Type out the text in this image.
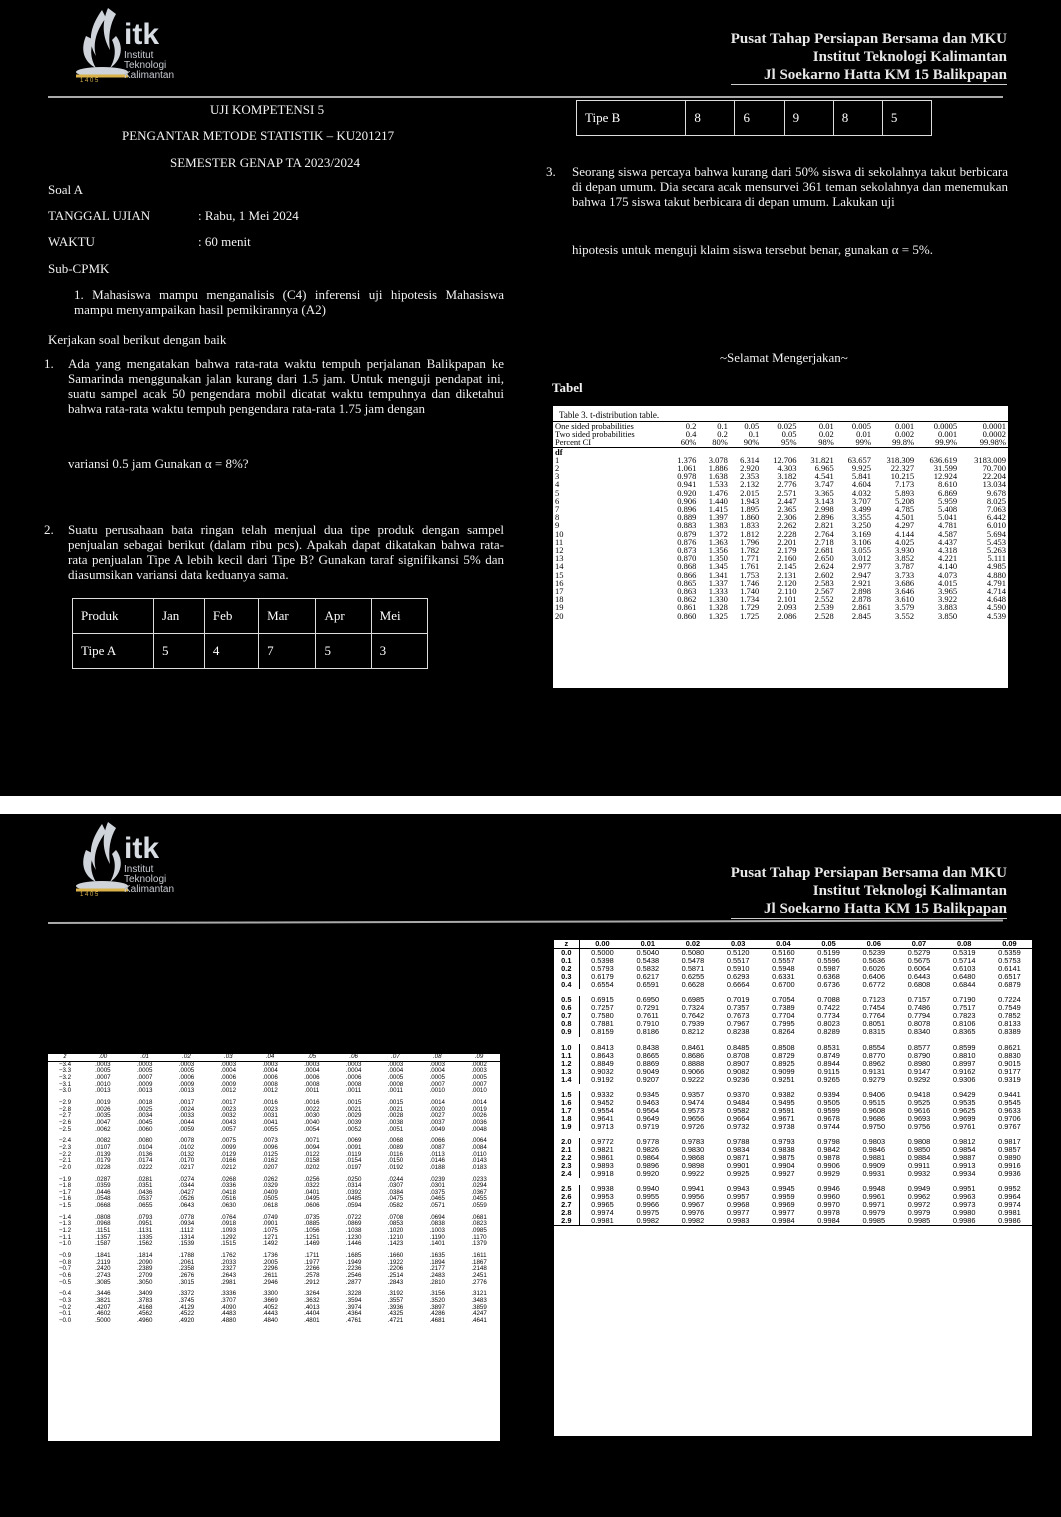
1 4 0 5
itk
Institut
Teknologi
Kalimantan
Pusat Tahap Persiapan Bersama dan MKU
Institut Teknologi Kalimantan
Jl Soekarno Hatta KM 15 Balikpapan
UJI KOMPETENSI 5
PENGANTAR METODE STATISTIK – KU201217
SEMESTER GENAP TA 2023/2024
Soal A
TANGGAL UJIAN	: Rabu, 1 Mei 2024
WAKTU	: 60 menit
Sub-CPMK
1. Mahasiswa mampu menganalisis (C4) inferensi uji hipotesis Mahasiswa mampu menyampaikan hasil pemikirannya (A2)
Kerjakan soal berikut dengan baik
1. Ada yang mengatakan bahwa rata-rata waktu tempuh perjalanan Balikpapan ke Samarinda menggunakan jalan kurang dari 1.5 jam. Untuk menguji pendapat ini, suatu sampel acak 50 pengendara mobil dicatat waktu tempuhnya dan diketahui bahwa rata-rata waktu tempuh pengendara rata-rata 1.75 jam dengan
variansi 0.5 jam Gunakan α = 8%?
2. Suatu perusahaan bata ringan telah menjual dua tipe produk dengan sampel penjualan sebagai berikut (dalam ribu pcs). Apakah dapat dikatakan bahwa rata-rata penjualan Tipe A lebih kecil dari Tipe B? Gunakan taraf signifikansi 5% dan diasumsikan variansi data keduanya sama.
Produk	Jan	Feb	Mar	Apr	Mei
Tipe A	5	4	7	5	3
Tipe B	8	6	9	8	5
3. Seorang siswa percaya bahwa kurang dari 50% siswa di sekolahnya takut berbicara di depan umum. Dia secara acak mensurvei 361 teman sekolahnya dan menemukan bahwa 175 siswa takut berbicara di depan umum. Lakukan uji
hipotesis untuk menguji klaim siswa tersebut benar, gunakan α = 5%.
~Selamat Mengerjakan~
Tabel
Table 3. t-distribution table.
One sided probabilities	0.2	0.1	0.05	0.025	0.01	0.005	0.001	0.0005	0.0001
Two sided probabilities	0.4	0.2	0.1	0.05	0.02	0.01	0.002	0.001	0.0002
Percent CI	60%	80%	90%	95%	98%	99%	99.8%	99.9%	99.98%
df									
1	1.376	3.078	6.314	12.706	31.821	63.657	318.309	636.619	3183.009
2	1.061	1.886	2.920	4.303	6.965	9.925	22.327	31.599	70.700
3	0.978	1.638	2.353	3.182	4.541	5.841	10.215	12.924	22.204
4	0.941	1.533	2.132	2.776	3.747	4.604	7.173	8.610	13.034
5	0.920	1.476	2.015	2.571	3.365	4.032	5.893	6.869	9.678
6	0.906	1.440	1.943	2.447	3.143	3.707	5.208	5.959	8.025
7	0.896	1.415	1.895	2.365	2.998	3.499	4.785	5.408	7.063
8	0.889	1.397	1.860	2.306	2.896	3.355	4.501	5.041	6.442
9	0.883	1.383	1.833	2.262	2.821	3.250	4.297	4.781	6.010
10	0.879	1.372	1.812	2.228	2.764	3.169	4.144	4.587	5.694
11	0.876	1.363	1.796	2.201	2.718	3.106	4.025	4.437	5.453
12	0.873	1.356	1.782	2.179	2.681	3.055	3.930	4.318	5.263
13	0.870	1.350	1.771	2.160	2.650	3.012	3.852	4.221	5.111
14	0.868	1.345	1.761	2.145	2.624	2.977	3.787	4.140	4.985
15	0.866	1.341	1.753	2.131	2.602	2.947	3.733	4.073	4.880
16	0.865	1.337	1.746	2.120	2.583	2.921	3.686	4.015	4.791
17	0.863	1.333	1.740	2.110	2.567	2.898	3.646	3.965	4.714
18	0.862	1.330	1.734	2.101	2.552	2.878	3.610	3.922	4.648
19	0.861	1.328	1.729	2.093	2.539	2.861	3.579	3.883	4.590
20	0.860	1.325	1.725	2.086	2.528	2.845	3.552	3.850	4.539
1 4 0 5
itk
Institut
Teknologi
Kalimantan
Pusat Tahap Persiapan Bersama dan MKU
Institut Teknologi Kalimantan
Jl Soekarno Hatta KM 15 Balikpapan
z	0.00	0.01	0.02	0.03	0.04	0.05	0.06	0.07	0.08	0.09
0.0	0.5000	0.5040	0.5080	0.5120	0.5160	0.5199	0.5239	0.5279	0.5319	0.5359
0.1	0.5398	0.5438	0.5478	0.5517	0.5557	0.5596	0.5636	0.5675	0.5714	0.5753
0.2	0.5793	0.5832	0.5871	0.5910	0.5948	0.5987	0.6026	0.6064	0.6103	0.6141
0.3	0.6179	0.6217	0.6255	0.6293	0.6331	0.6368	0.6406	0.6443	0.6480	0.6517
0.4	0.6554	0.6591	0.6628	0.6664	0.6700	0.6736	0.6772	0.6808	0.6844	0.6879

0.5	0.6915	0.6950	0.6985	0.7019	0.7054	0.7088	0.7123	0.7157	0.7190	0.7224
0.6	0.7257	0.7291	0.7324	0.7357	0.7389	0.7422	0.7454	0.7486	0.7517	0.7549
0.7	0.7580	0.7611	0.7642	0.7673	0.7704	0.7734	0.7764	0.7794	0.7823	0.7852
0.8	0.7881	0.7910	0.7939	0.7967	0.7995	0.8023	0.8051	0.8078	0.8106	0.8133
0.9	0.8159	0.8186	0.8212	0.8238	0.8264	0.8289	0.8315	0.8340	0.8365	0.8389

1.0	0.8413	0.8438	0.8461	0.8485	0.8508	0.8531	0.8554	0.8577	0.8599	0.8621
1.1	0.8643	0.8665	0.8686	0.8708	0.8729	0.8749	0.8770	0.8790	0.8810	0.8830
1.2	0.8849	0.8869	0.8888	0.8907	0.8925	0.8944	0.8962	0.8980	0.8997	0.9015
1.3	0.9032	0.9049	0.9066	0.9082	0.9099	0.9115	0.9131	0.9147	0.9162	0.9177
1.4	0.9192	0.9207	0.9222	0.9236	0.9251	0.9265	0.9279	0.9292	0.9306	0.9319

1.5	0.9332	0.9345	0.9357	0.9370	0.9382	0.9394	0.9406	0.9418	0.9429	0.9441
1.6	0.9452	0.9463	0.9474	0.9484	0.9495	0.9505	0.9515	0.9525	0.9535	0.9545
1.7	0.9554	0.9564	0.9573	0.9582	0.9591	0.9599	0.9608	0.9616	0.9625	0.9633
1.8	0.9641	0.9649	0.9656	0.9664	0.9671	0.9678	0.9686	0.9693	0.9699	0.9706
1.9	0.9713	0.9719	0.9726	0.9732	0.9738	0.9744	0.9750	0.9756	0.9761	0.9767

2.0	0.9772	0.9778	0.9783	0.9788	0.9793	0.9798	0.9803	0.9808	0.9812	0.9817
2.1	0.9821	0.9826	0.9830	0.9834	0.9838	0.9842	0.9846	0.9850	0.9854	0.9857
2.2	0.9861	0.9864	0.9868	0.9871	0.9875	0.9878	0.9881	0.9884	0.9887	0.9890
2.3	0.9893	0.9896	0.9898	0.9901	0.9904	0.9906	0.9909	0.9911	0.9913	0.9916
2.4	0.9918	0.9920	0.9922	0.9925	0.9927	0.9929	0.9931	0.9932	0.9934	0.9936

2.5	0.9938	0.9940	0.9941	0.9943	0.9945	0.9946	0.9948	0.9949	0.9951	0.9952
2.6	0.9953	0.9955	0.9956	0.9957	0.9959	0.9960	0.9961	0.9962	0.9963	0.9964
2.7	0.9965	0.9966	0.9967	0.9968	0.9969	0.9970	0.9971	0.9972	0.9973	0.9974
2.8	0.9974	0.9975	0.9976	0.9977	0.9977	0.9978	0.9979	0.9979	0.9980	0.9981
2.9	0.9981	0.9982	0.9982	0.9983	0.9984	0.9984	0.9985	0.9985	0.9986	0.9986
z	.00	.01	.02	.03	.04	.05	.06	.07	.08	.09
−3.4	.0003	.0003	.0003	.0003	.0003	.0003	.0003	.0003	.0003	.0002
−3.3	.0005	.0005	.0005	.0004	.0004	.0004	.0004	.0004	.0004	.0003
−3.2	.0007	.0007	.0006	.0006	.0006	.0006	.0006	.0005	.0005	.0005
−3.1	.0010	.0009	.0009	.0009	.0008	.0008	.0008	.0008	.0007	.0007
−3.0	.0013	.0013	.0013	.0012	.0012	.0011	.0011	.0011	.0010	.0010

−2.9	.0019	.0018	.0017	.0017	.0016	.0016	.0015	.0015	.0014	.0014
−2.8	.0026	.0025	.0024	.0023	.0023	.0022	.0021	.0021	.0020	.0019
−2.7	.0035	.0034	.0033	.0032	.0031	.0030	.0029	.0028	.0027	.0026
−2.6	.0047	.0045	.0044	.0043	.0041	.0040	.0039	.0038	.0037	.0036
−2.5	.0062	.0060	.0059	.0057	.0055	.0054	.0052	.0051	.0049	.0048

−2.4	.0082	.0080	.0078	.0075	.0073	.0071	.0069	.0068	.0066	.0064
−2.3	.0107	.0104	.0102	.0099	.0096	.0094	.0091	.0089	.0087	.0084
−2.2	.0139	.0136	.0132	.0129	.0125	.0122	.0119	.0116	.0113	.0110
−2.1	.0179	.0174	.0170	.0166	.0162	.0158	.0154	.0150	.0146	.0143
−2.0	.0228	.0222	.0217	.0212	.0207	.0202	.0197	.0192	.0188	.0183

−1.9	.0287	.0281	.0274	.0268	.0262	.0256	.0250	.0244	.0239	.0233
−1.8	.0359	.0351	.0344	.0336	.0329	.0322	.0314	.0307	.0301	.0294
−1.7	.0446	.0436	.0427	.0418	.0409	.0401	.0392	.0384	.0375	.0367
−1.6	.0548	.0537	.0526	.0516	.0505	.0495	.0485	.0475	.0465	.0455
−1.5	.0668	.0655	.0643	.0630	.0618	.0606	.0594	.0582	.0571	.0559

−1.4	.0808	.0793	.0778	.0764	.0749	.0735	.0722	.0708	.0694	.0681
−1.3	.0968	.0951	.0934	.0918	.0901	.0885	.0869	.0853	.0838	.0823
−1.2	.1151	.1131	.1112	.1093	.1075	.1056	.1038	.1020	.1003	.0985
−1.1	.1357	.1335	.1314	.1292	.1271	.1251	.1230	.1210	.1190	.1170
−1.0	.1587	.1562	.1539	.1515	.1492	.1469	.1446	.1423	.1401	.1379

−0.9	.1841	.1814	.1788	.1762	.1736	.1711	.1685	.1660	.1635	.1611
−0.8	.2119	.2090	.2061	.2033	.2005	.1977	.1949	.1922	.1894	.1867
−0.7	.2420	.2389	.2358	.2327	.2296	.2266	.2236	.2206	.2177	.2148
−0.6	.2743	.2709	.2676	.2643	.2611	.2578	.2546	.2514	.2483	.2451
−0.5	.3085	.3050	.3015	.2981	.2946	.2912	.2877	.2843	.2810	.2776

−0.4	.3446	.3409	.3372	.3336	.3300	.3264	.3228	.3192	.3156	.3121
−0.3	.3821	.3783	.3745	.3707	.3669	.3632	.3594	.3557	.3520	.3483
−0.2	.4207	.4168	.4129	.4090	.4052	.4013	.3974	.3936	.3897	.3859
−0.1	.4602	.4562	.4522	.4483	.4443	.4404	.4364	.4325	.4286	.4247
−0.0	.5000	.4960	.4920	.4880	.4840	.4801	.4761	.4721	.4681	.4641
